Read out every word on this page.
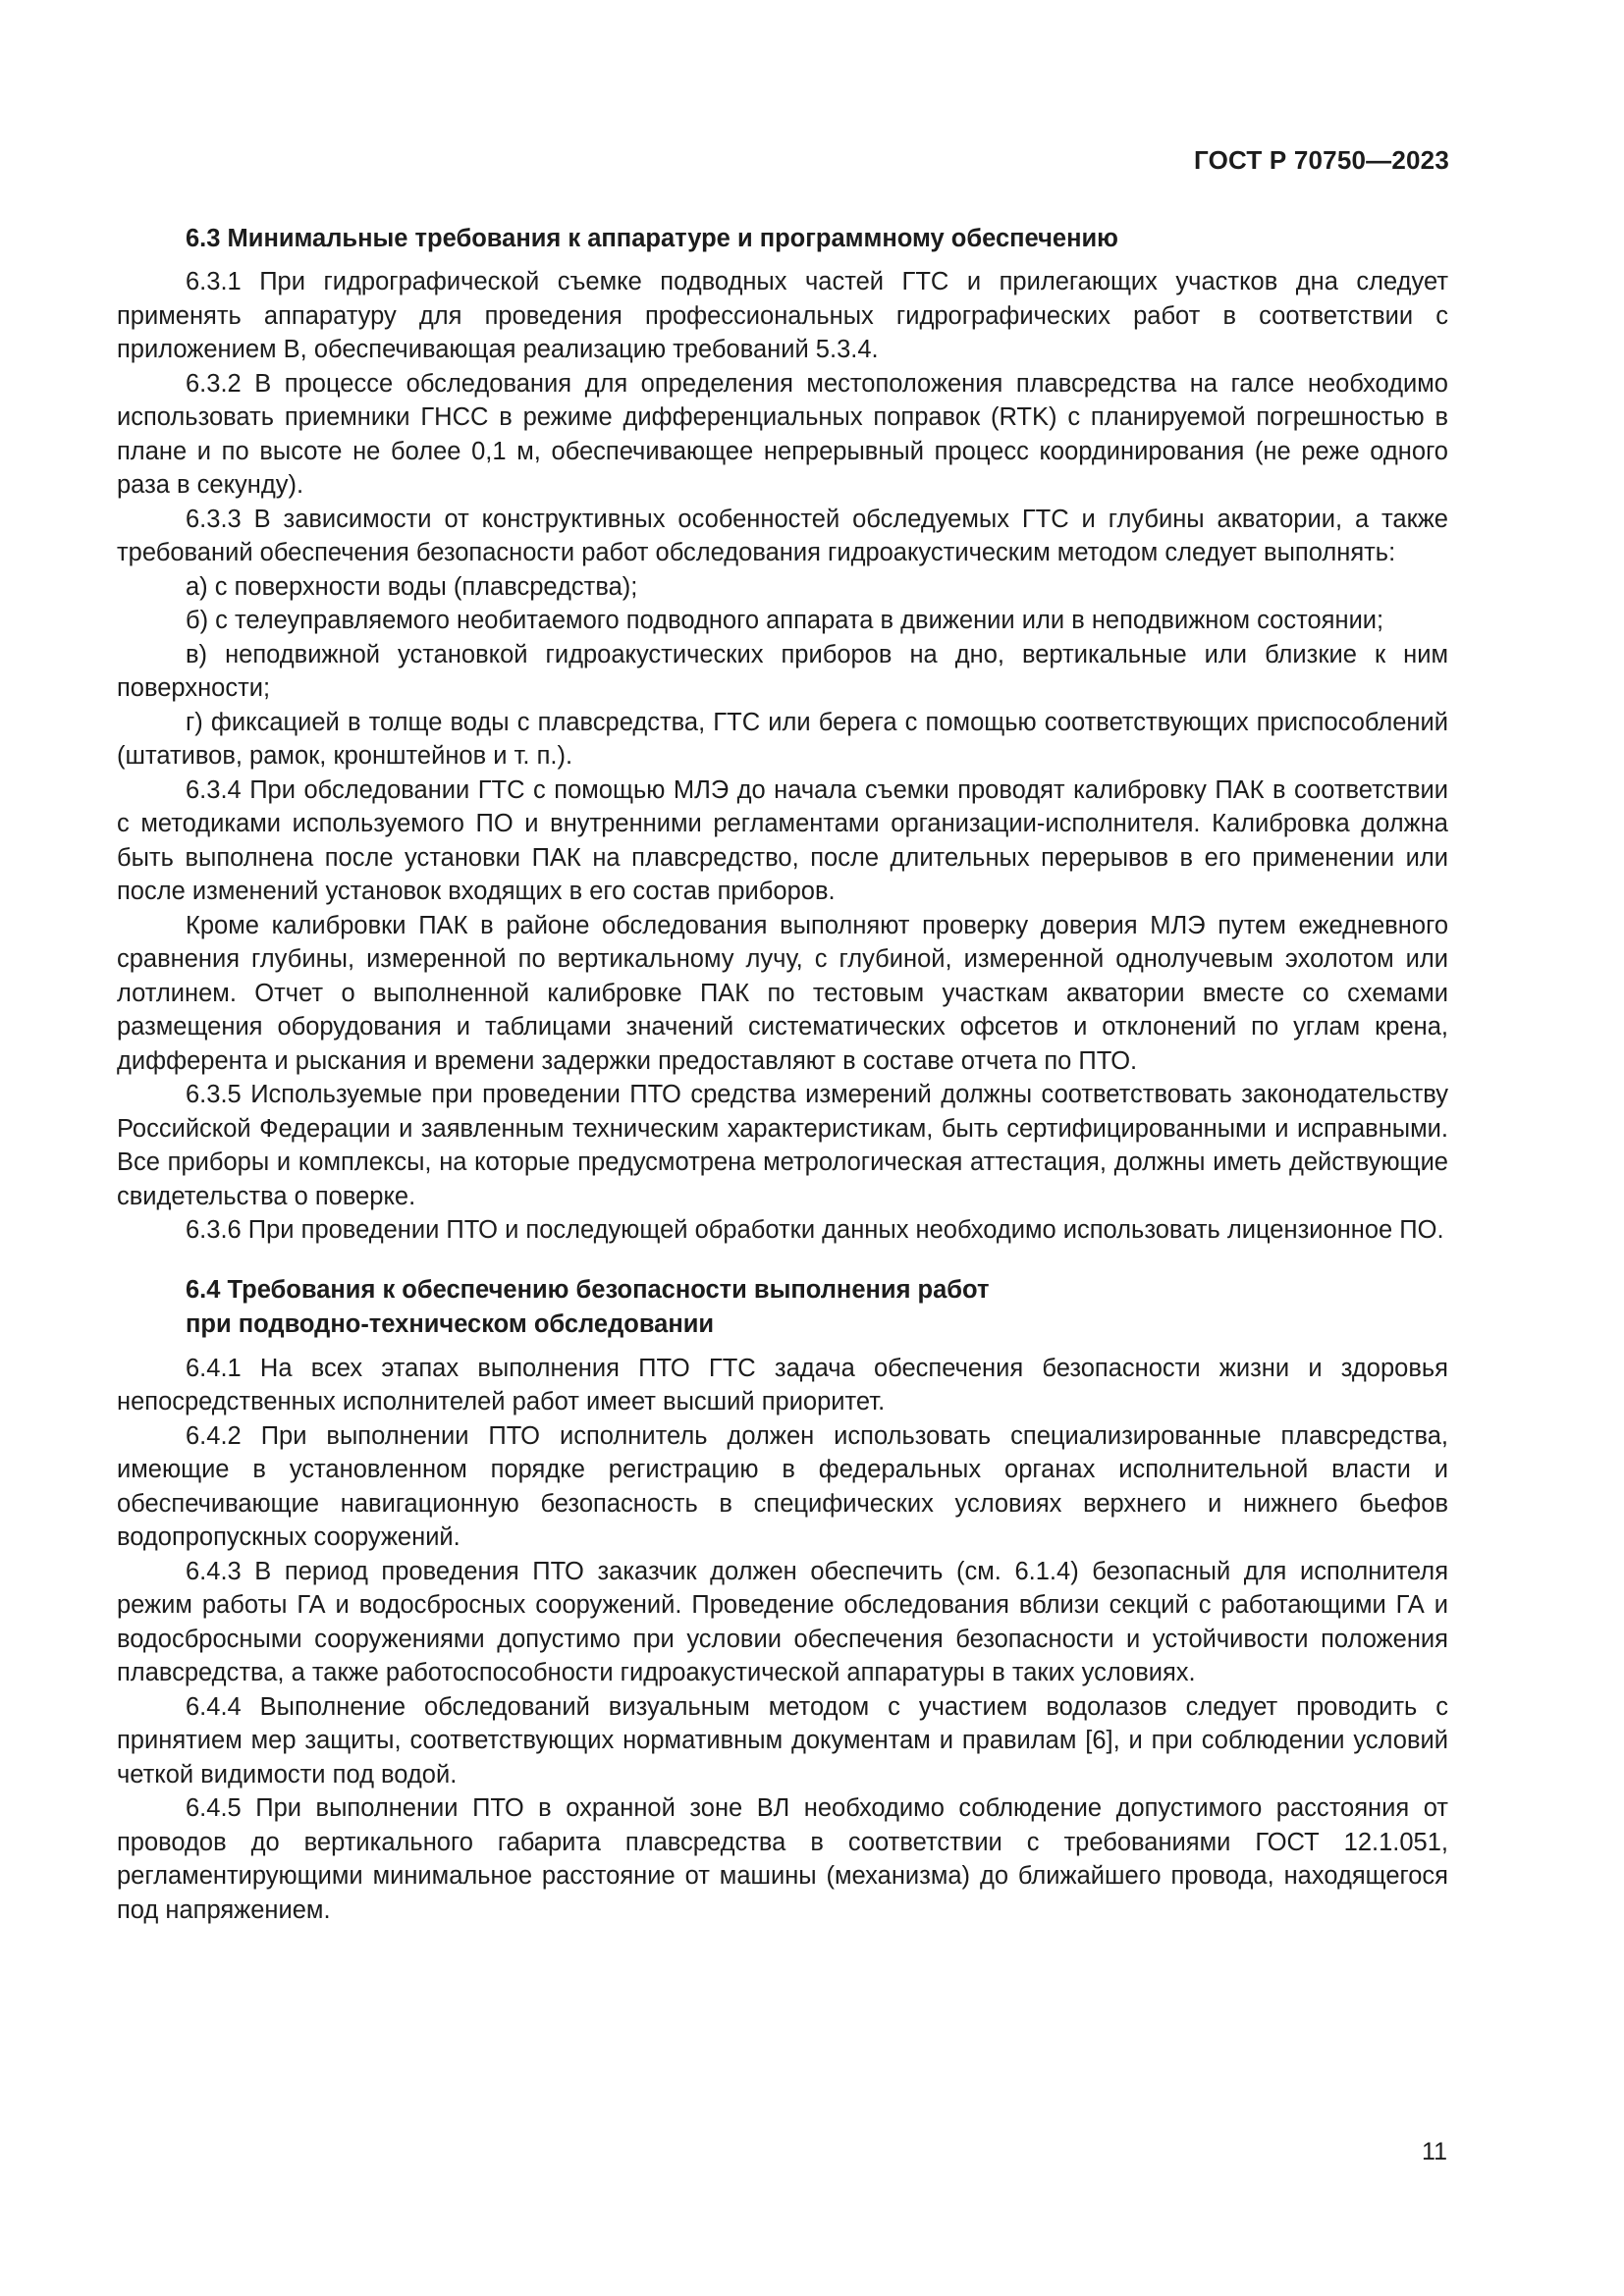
ГОСТ Р 70750—2023
6.3 Минимальные требования к аппаратуре и программному обеспечению

6.3.1 При гидрографической съемке подводных частей ГТС и прилегающих участков дна следует применять аппаратуру для проведения профессиональных гидрографических работ в соответствии с приложением В, обеспечивающая реализацию требований 5.3.4.

6.3.2 В процессе обследования для определения местоположения плавсредства на галсе необходимо использовать приемники ГНСС в режиме дифференциальных поправок (RTK) с планируемой погрешностью в плане и по высоте не более 0,1 м, обеспечивающее непрерывный процесс координирования (не реже одного раза в секунду).

6.3.3 В зависимости от конструктивных особенностей обследуемых ГТС и глубины акватории, а также требований обеспечения безопасности работ обследования гидроакустическим методом следует выполнять:

а) с поверхности воды (плавсредства);

б) с телеуправляемого необитаемого подводного аппарата в движении или в неподвижном состоянии;

в) неподвижной установкой гидроакустических приборов на дно, вертикальные или близкие к ним поверхности;

г) фиксацией в толще воды с плавсредства, ГТС или берега с помощью соответствующих приспособлений (штативов, рамок, кронштейнов и т. п.).

6.3.4 При обследовании ГТС с помощью МЛЭ до начала съемки проводят калибровку ПАК в соответствии с методиками используемого ПО и внутренними регламентами организации-исполнителя. Калибровка должна быть выполнена после установки ПАК на плавсредство, после длительных перерывов в его применении или после изменений установок входящих в его состав приборов.

Кроме калибровки ПАК в районе обследования выполняют проверку доверия МЛЭ путем ежедневного сравнения глубины, измеренной по вертикальному лучу, с глубиной, измеренной однолучевым эхолотом или лотлинем. Отчет о выполненной калибровке ПАК по тестовым участкам акватории вместе со схемами размещения оборудования и таблицами значений систематических офсетов и отклонений по углам крена, дифферента и рыскания и времени задержки предоставляют в составе отчета по ПТО.

6.3.5 Используемые при проведении ПТО средства измерений должны соответствовать законодательству Российской Федерации и заявленным техническим характеристикам, быть сертифицированными и исправными. Все приборы и комплексы, на которые предусмотрена метрологическая аттестация, должны иметь действующие свидетельства о поверке.

6.3.6 При проведении ПТО и последующей обработки данных необходимо использовать лицензионное ПО.

6.4 Требования к обеспечению безопасности выполнения работ
при подводно-техническом обследовании

6.4.1 На всех этапах выполнения ПТО ГТС задача обеспечения безопасности жизни и здоровья непосредственных исполнителей работ имеет высший приоритет.

6.4.2 При выполнении ПТО исполнитель должен использовать специализированные плавсредства, имеющие в установленном порядке регистрацию в федеральных органах исполнительной власти и обеспечивающие навигационную безопасность в специфических условиях верхнего и нижнего бьефов водопропускных сооружений.

6.4.3 В период проведения ПТО заказчик должен обеспечить (см. 6.1.4) безопасный для исполнителя режим работы ГА и водосбросных сооружений. Проведение обследования вблизи секций с работающими ГА и водосбросными сооружениями допустимо при условии обеспечения безопасности и устойчивости положения плавсредства, а также работоспособности гидроакустической аппаратуры в таких условиях.

6.4.4 Выполнение обследований визуальным методом с участием водолазов следует проводить с принятием мер защиты, соответствующих нормативным документам и правилам [6], и при соблюдении условий четкой видимости под водой.

6.4.5 При выполнении ПТО в охранной зоне ВЛ необходимо соблюдение допустимого расстояния от проводов до вертикального габарита плавсредства в соответствии с требованиями ГОСТ 12.1.051, регламентирующими минимальное расстояние от машины (механизма) до ближайшего провода, находящегося под напряжением.

11
